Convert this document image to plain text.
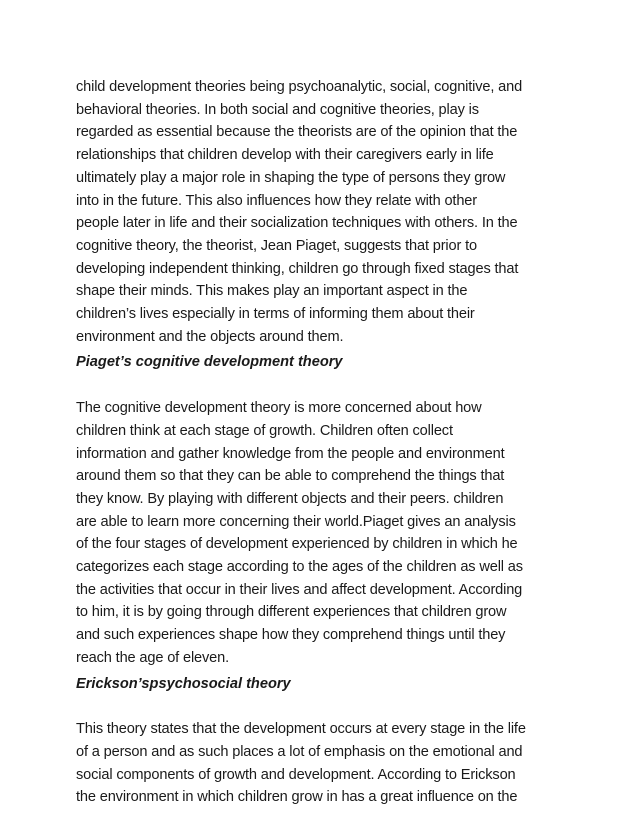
child development theories being psychoanalytic, social, cognitive, and
behavioral theories. In both social and cognitive theories, play is
regarded as essential because the theorists are of the opinion that the
relationships that children develop with their caregivers early in life
ultimately play a major role in shaping the type of persons they grow
into in the future. This also influences how they relate with other
people later in life and their socialization techniques with others. In the
cognitive theory, the theorist, Jean Piaget, suggests that prior to
developing independent thinking, children go through fixed stages that
shape their minds. This makes play an important aspect in the
children’s lives especially in terms of informing them about their
environment and the objects around them.

Piaget’s cognitive development theory

The cognitive development theory is more concerned about how
children think at each stage of growth. Children often collect
information and gather knowledge from the people and environment
around them so that they can be able to comprehend the things that
they know. By playing with different objects and their peers. children
are able to learn more concerning their world.Piaget gives an analysis
of the four stages of development experienced by children in which he
categorizes each stage according to the ages of the children as well as
the activities that occur in their lives and affect development. According
to him, it is by going through different experiences that children grow
and such experiences shape how they comprehend things until they
reach the age of eleven.

Erickson’spsychosocial theory

This theory states that the development occurs at every stage in the life
of a person and as such places a lot of emphasis on the emotional and
social components of growth and development. According to Erickson
the environment in which children grow in has a great influence on the
